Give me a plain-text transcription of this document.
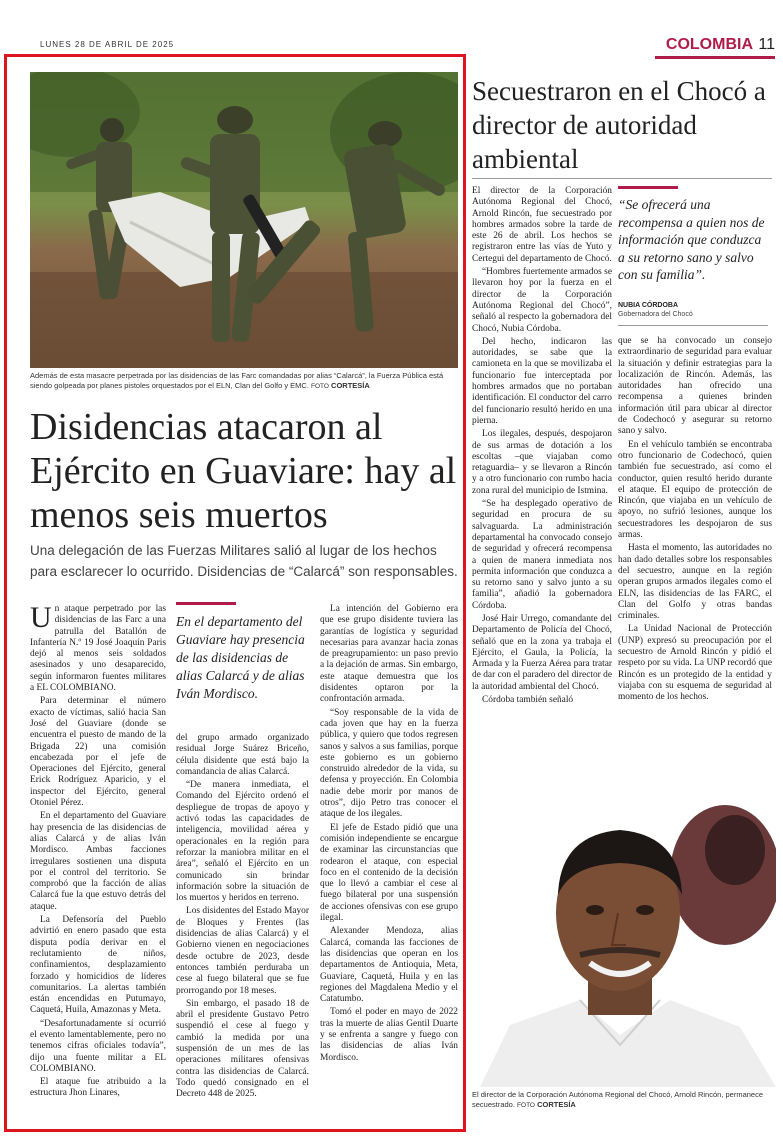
LUNES 28 DE ABRIL DE 2025	COLOMBIA 11
Además de esta masacre perpetrada por las disidencias de las Farc comandadas por alias “Calarcá”, la Fuerza Pública está siendo golpeada por planes pistoles orquestados por el ELN, Clan del Golfo y EMC. FOTO CORTESÍA
Disidencias atacaron al Ejército en Guaviare: hay al menos seis muertos
Una delegación de las Fuerzas Militares salió al lugar de los hechos para esclarecer lo ocurrido. Disidencias de “Calarcá” son responsables.

Un ataque perpetrado por las disidencias de las Farc a una patrulla del Batallón de Infantería N.º 19 José Joaquín Paris dejó al menos seis soldados asesinados y uno desaparecido, según informaron fuentes militares a EL COLOMBIANO.

Para determinar el número exacto de víctimas, salió hacia San José del Guaviare (donde se encuentra el puesto de mando de la Brigada 22) una comisión encabezada por el jefe de Operaciones del Ejército, general Erick Rodríguez Aparicio, y el inspector del Ejército, general Otoniel Pérez.

En el departamento del Guaviare hay presencia de las disidencias de alias Calarcá y de alias Iván Mordisco. Ambas facciones irregulares sostienen una disputa por el control del territorio. Se comprobó que la facción de alias Calarcá fue la que estuvo detrás del ataque.

La Defensoría del Pueblo advirtió en enero pasado que esta disputa podía derivar en el reclutamiento de niños, confinamientos, desplazamiento forzado y homicidios de líderes comunitarios. La alertas también están encendidas en Putumayo, Caquetá, Huila, Amazonas y Meta.

“Desafortunadamente sí ocurrió el evento lamentablemente, pero no tenemos cifras oficiales todavía”, dijo una fuente militar a EL COLOMBIANO.

El ataque fue atribuido a la estructura Jhon Linares,

En el departamento del Guaviare hay presencia de las disidencias de alias Calarcá y de alias Iván Mordisco.

del grupo armado organizado residual Jorge Suárez Briceño, célula disidente que está bajo la comandancia de alias Calarcá.

“De manera inmediata, el Comando del Ejército ordenó el despliegue de tropas de apoyo y activó todas las capacidades de inteligencia, movilidad aérea y operacionales en la región para reforzar la maniobra militar en el área”, señaló el Ejército en un comunicado sin brindar información sobre la situación de los muertos y heridos en terreno.

Los disidentes del Estado Mayor de Bloques y Frentes (las disidencias de alias Calarcá) y el Gobierno vienen en negociaciones desde octubre de 2023, desde entonces también perduraba un cese al fuego bilateral que se fue prorrogando por 18 meses.

Sin embargo, el pasado 18 de abril el presidente Gustavo Petro suspendió el cese al fuego y cambió la medida por una suspensión de un mes de las operaciones militares ofensivas contra las disidencias de Calarcá. Todo quedó consignado en el Decreto 448 de 2025.

La intención del Gobierno era que ese grupo disidente tuviera las garantías de logística y seguridad necesarias para avanzar hacia zonas de preagrupamiento: un paso previo a la dejación de armas. Sin embargo, este ataque demuestra que los disidentes optaron por la confrontación armada.

“Soy responsable de la vida de cada joven que hay en la fuerza pública, y quiero que todos regresen sanos y salvos a sus familias, porque este gobierno es un gobierno construido alrededor de la vida, su defensa y proyección. En Colombia nadie debe morir por manos de otros”, dijo Petro tras conocer el ataque de los ilegales.

El jefe de Estado pidió que una comisión independiente se encargue de examinar las circunstancias que rodearon el ataque, con especial foco en el contenido de la decisión que lo llevó a cambiar el cese al fuego bilateral por una suspensión de acciones ofensivas con ese grupo ilegal.

Alexander Mendoza, alias Calarcá, comanda las facciones de las disidencias que operan en los departamentos de Antioquia, Meta, Guaviare, Caquetá, Huila y en las regiones del Magdalena Medio y el Catatumbo.

Tomó el poder en mayo de 2022 tras la muerte de alias Gentil Duarte y se enfrenta a sangre y fuego con las disidencias de alias Iván Mordisco.

Secuestraron en el Chocó a director de autoridad ambiental

El director de la Corporación Autónoma Regional del Chocó, Arnold Rincón, fue secuestrado por hombres armados sobre la tarde de este 26 de abril. Los hechos se registraron entre las vías de Yuto y Certegui del departamento de Chocó.

“Hombres fuertemente armados se llevaron hoy por la fuerza en el director de la Corporación Autónoma Regional del Chocó”, señaló al respecto la gobernadora del Chocó, Nubia Córdoba.

Del hecho, indicaron las autoridades, se sabe que la camioneta en la que se movilizaba el funcionario fue interceptada por hombres armados que no portaban identificación. El conductor del carro del funcionario resultó herido en una pierna.

Los ilegales, después, despojaron de sus armas de dotación a los escoltas –que viajaban como retaguardia– y se llevaron a Rincón y a otro funcionario con rumbo hacia zona rural del municipio de Istmina.

“Se ha desplegado operativo de seguridad en procura de su salvaguarda. La administración departamental ha convocado consejo de seguridad y ofrecerá recompensa a quien de manera inmediata nos permita información que conduzca a su retorno sano y salvo junto a su familia”, añadió la gobernadora Córdoba.

José Hair Urrego, comandante del Departamento de Policía del Chocó, señaló que en la zona ya trabaja el Ejército, el Gaula, la Policía, la Armada y la Fuerza Aérea para tratar de dar con el paradero del director de la autoridad ambiental del Chocó.

Córdoba también señaló

“Se ofrecerá una recompensa a quien nos de información que conduzca a su retorno sano y salvo con su familia”.
NUBIA CÓRDOBA
Gobernadora del Chocó

que se ha convocado un consejo extraordinario de seguridad para evaluar la situación y definir estrategias para la localización de Rincón. Además, las autoridades han ofrecido una recompensa a quienes brinden información útil para ubicar al director de Codechocó y asegurar su retorno sano y salvo.

En el vehículo también se encontraba otro funcionario de Codechocó, quien también fue secuestrado, así como el conductor, quien resultó herido durante el ataque. El equipo de protección de Rincón, que viajaba en un vehículo de apoyo, no sufrió lesiones, aunque los secuestradores les despojaron de sus armas.

Hasta el momento, las autoridades no han dado detalles sobre los responsables del secuestro, aunque en la región operan grupos armados ilegales como el ELN, las disidencias de las FARC, el Clan del Golfo y otras bandas criminales.

La Unidad Nacional de Protección (UNP) expresó su preocupación por el secuestro de Arnold Rincón y pidió el respeto por su vida. La UNP recordó que Rincón es un protegido de la entidad y viajaba con su esquema de seguridad al momento de los hechos.

El director de la Corporación Autónoma Regional del Chocó, Arnold Rincón, permanece secuestrado. FOTO CORTESÍA
